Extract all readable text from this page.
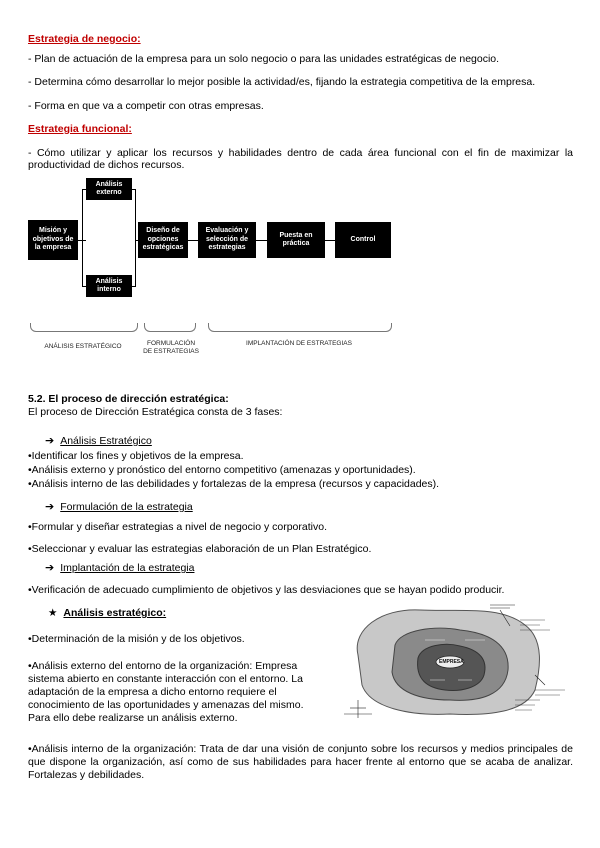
Estrategia de negocio:
- Plan de actuación de la empresa para un solo negocio o para las unidades estratégicas de negocio.
- Determina cómo desarrollar lo mejor posible la actividad/es, fijando la estrategia competitiva de la empresa.
- Forma en que va a competir con otras empresas.
Estrategia funcional:
- Cómo utilizar y aplicar los recursos y habilidades dentro de cada área funcional con el fin de maximizar la productividad de dichos recursos.
Misión y objetivos de la empresa
Análisis externo
Análisis interno
Diseño de opciones estratégicas
Evaluación y selección de estrategias
Puesta en práctica
Control
ANÁLISIS ESTRATÉGICO	FORMULACIÓN DE ESTRATEGIAS
IMPLANTACIÓN DE ESTRATEGIAS
5.2. El proceso de dirección estratégica:
El proceso de Dirección Estratégica consta de 3 fases:
➔ Análisis Estratégico
•Identificar los fines y objetivos de la empresa.
•Análisis externo y pronóstico del entorno competitivo (amenazas y oportunidades).
•Análisis interno de las debilidades y fortalezas de la empresa (recursos y capacidades).
➔ Formulación de la estrategia
•Formular y diseñar estrategias a nivel de negocio y corporativo.
•Seleccionar y evaluar las estrategias elaboración de un Plan Estratégico.
➔ Implantación de la estrategia
•Verificación de adecuado cumplimiento de objetivos y las desviaciones que se hayan podido producir.
★ Análisis estratégico:
•Determinación de la misión y de los objetivos.
•Análisis externo del entorno de la organización: Empresa sistema abierto en constante interacción con el entorno. La adaptación de la empresa a dicho entorno requiere el conocimiento de las oportunidades y amenazas del mismo. Para ello debe realizarse un análisis externo.
EMPRESA
•Análisis interno de la organización: Trata de dar una visión de conjunto sobre los recursos y medios principales de que dispone la organización, así como de sus habilidades para hacer frente al entorno que se acaba de analizar. Fortalezas y debilidades.
